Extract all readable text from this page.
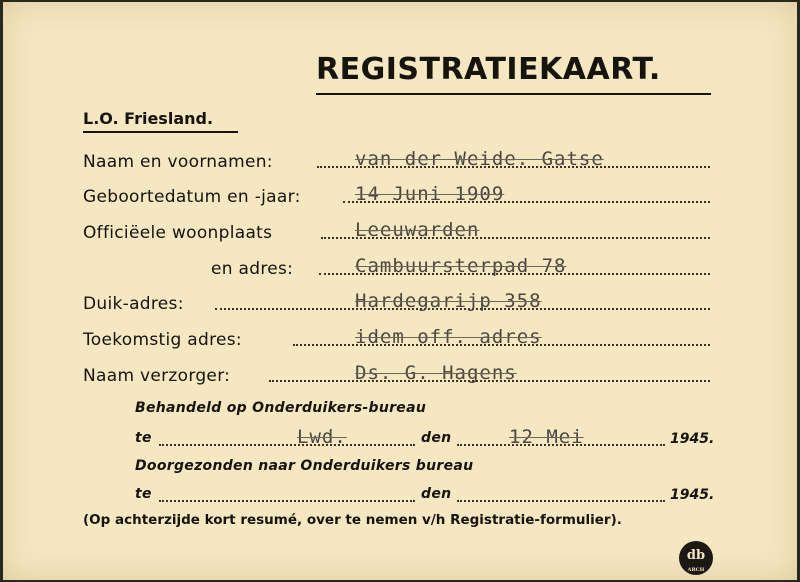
REGISTRATIEKAART.
L.O. Friesland.
Naam en voornamen:	van der Weide. Gatse
Geboortedatum en -jaar:	14 Juni 1909
Officiëele woonplaats	Leeuwarden
en adres:	Cambuursterpad 78
Duik-adres:	Hardegarijp 358
Toekomstig adres:	idem off. adres
Naam verzorger:	Ds. G. Hagens
Behandeld op Onderduikers-bureau
te	Lwd.	den	12 Mei	1945.
Doorgezonden naar Onderduikers bureau
te	den	1945.
(Op achterzijde kort resumé, over te nemen v/h Registratie-formulier).
db
ARCH
